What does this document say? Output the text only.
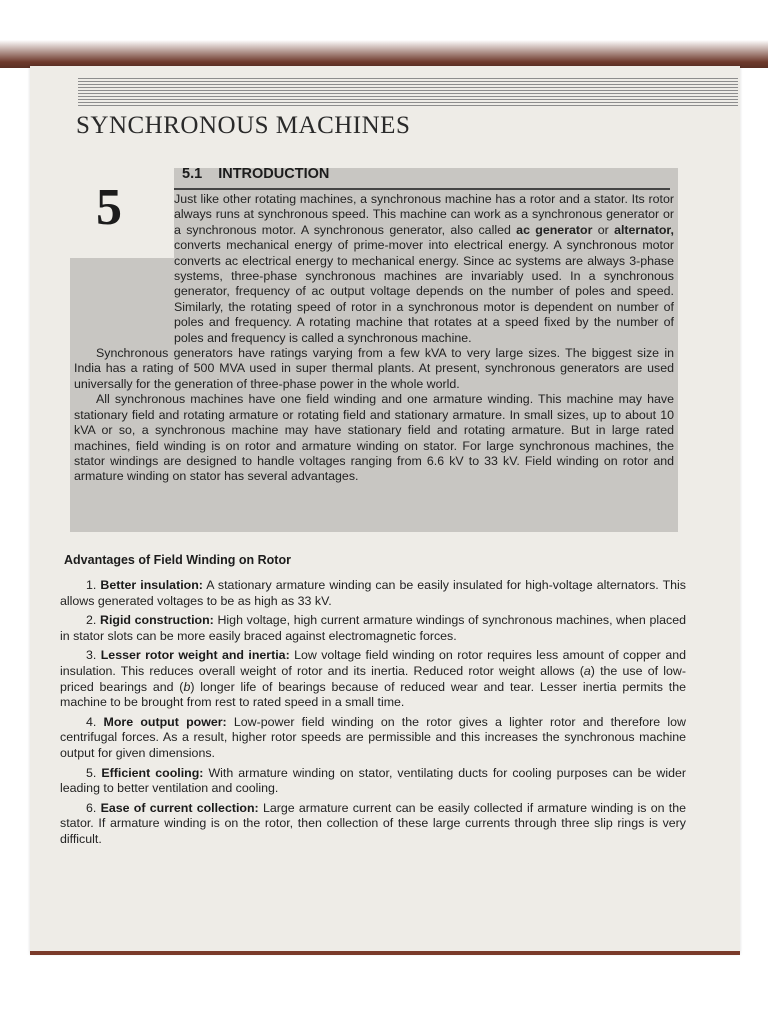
SYNCHRONOUS MACHINES
5
5.1 INTRODUCTION

Just like other rotating machines, a synchronous machine has a rotor and a stator. Its rotor always runs at synchronous speed. This machine can work as a synchronous generator or a synchronous motor. A synchronous generator, also called ac generator or alternator, converts mechanical energy of prime-mover into electrical energy. A synchronous motor converts ac electrical energy to mechanical energy. Since ac systems are always 3-phase systems, three-phase synchronous machines are invariably used. In a synchronous generator, frequency of ac output voltage depends on the number of poles and speed. Similarly, the rotating speed of rotor in a synchronous motor is dependent on number of poles and frequency. A rotating machine that rotates at a speed fixed by the number of poles and frequency is called a synchronous machine.

Synchronous generators have ratings varying from a few kVA to very large sizes. The biggest size in India has a rating of 500 MVA used in super thermal plants. At present, synchronous generators are used universally for the generation of three-phase power in the whole world.

All synchronous machines have one field winding and one armature winding. This machine may have stationary field and rotating armature or rotating field and stationary armature. In small sizes, up to about 10 kVA or so, a synchronous machine may have stationary field and rotating armature. But in large rated machines, field winding is on rotor and armature winding on stator. For large synchronous machines, the stator windings are designed to handle voltages ranging from 6.6 kV to 33 kV. Field winding on rotor and armature winding on stator has several advantages.

Advantages of Field Winding on Rotor

1. Better insulation: A stationary armature winding can be easily insulated for high-voltage alternators. This allows generated voltages to be as high as 33 kV.

2. Rigid construction: High voltage, high current armature windings of synchronous machines, when placed in stator slots can be more easily braced against electromagnetic forces.

3. Lesser rotor weight and inertia: Low voltage field winding on rotor requires less amount of copper and insulation. This reduces overall weight of rotor and its inertia. Reduced rotor weight allows (a) the use of low-priced bearings and (b) longer life of bearings because of reduced wear and tear. Lesser inertia permits the machine to be brought from rest to rated speed in a small time.

4. More output power: Low-power field winding on the rotor gives a lighter rotor and therefore low centrifugal forces. As a result, higher rotor speeds are permissible and this increases the synchronous machine output for given dimensions.

5. Efficient cooling: With armature winding on stator, ventilating ducts for cooling purposes can be wider leading to better ventilation and cooling.

6. Ease of current collection: Large armature current can be easily collected if armature winding is on the stator. If armature winding is on the rotor, then collection of these large currents through three slip rings is very difficult.
